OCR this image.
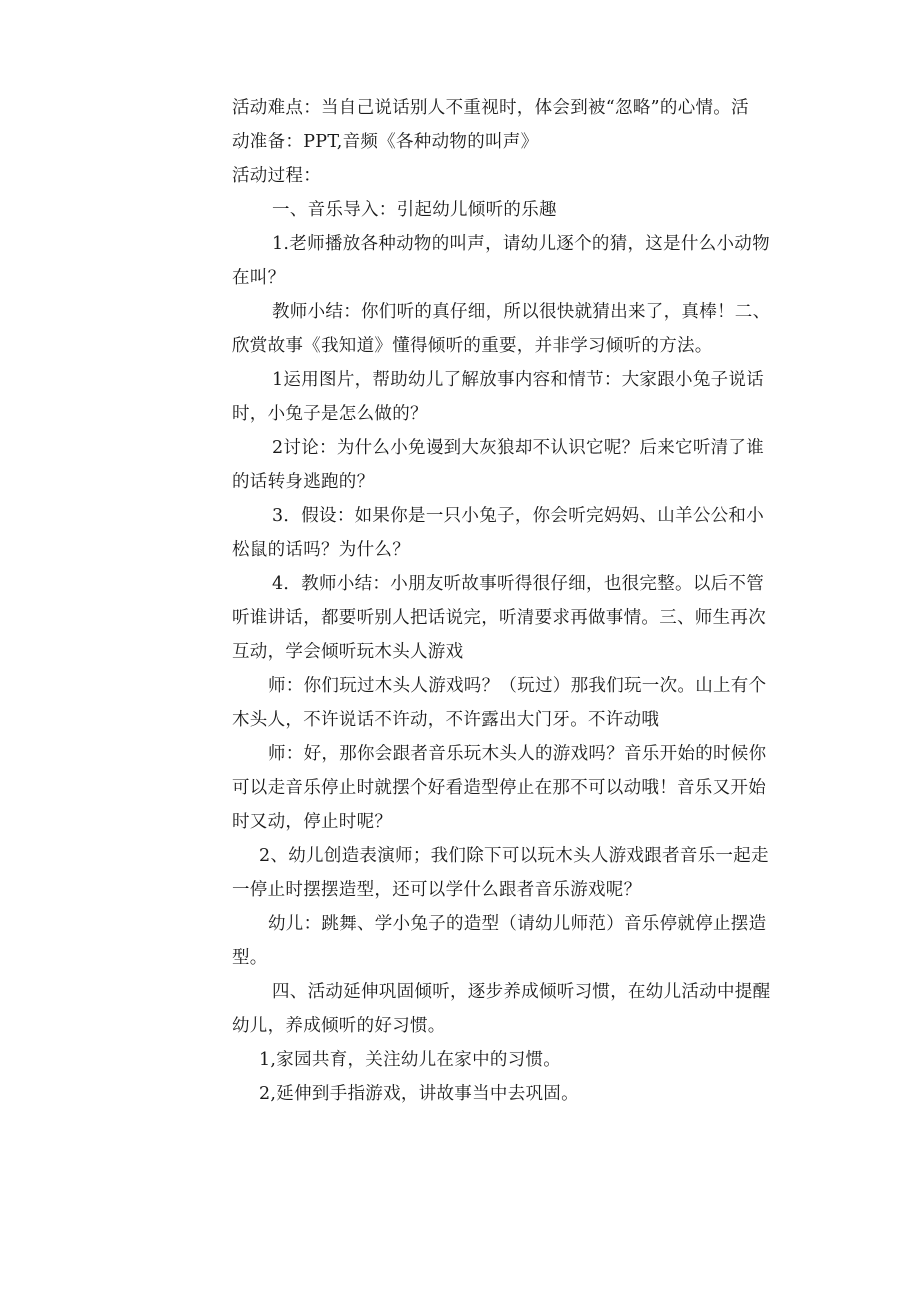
活动难点：当自己说话别人不重视时，体会到被“忽略”的心情。活
动准备：PPT,音频《各种动物的叫声》
活动过程：
一、音乐导入：引起幼儿倾听的乐趣
1.老师播放各种动物的叫声，请幼儿逐个的猜，这是什么小动物
在叫？
教师小结：你们听的真仔细，所以很快就猜出来了，真棒！二、
欣赏故事《我知道》懂得倾听的重要，并非学习倾听的方法。
1运用图片，帮助幼儿了解放事内容和情节：大家跟小兔子说话
时，小兔子是怎么做的？
2讨论：为什么小免谩到大灰狼却不认识它呢？后来它听清了谁
的话转身逃跑的？
3．假设：如果你是一只小兔子，你会听完妈妈、山羊公公和小
松鼠的话吗？为什么？
4．教师小结：小朋友听故事听得很仔细，也很完整。以后不管
听谁讲话，都要听别人把话说完，听清要求再做事情。三、师生再次
互动，学会倾听玩木头人游戏
师：你们玩过木头人游戏吗？（玩过）那我们玩一次。山上有个
木头人，不许说话不许动，不许露出大门牙。不许动哦
师：好，那你会跟者音乐玩木头人的游戏吗？音乐开始的时候你
可以走音乐停止时就摆个好看造型停止在那不可以动哦！音乐又开始
时又动，停止时呢？
2、幼儿创造表演师；我们除下可以玩木头人游戏跟者音乐一起走
一停止时摆摆造型，还可以学什么跟者音乐游戏呢？
幼儿：跳舞、学小兔子的造型（请幼儿师范）音乐停就停止摆造
型。
四、活动延伸巩固倾听，逐步养成倾听习惯，在幼儿活动中提醒
幼儿，养成倾听的好习惯。
1,家园共育，关注幼儿在家中的习惯。
2,延伸到手指游戏，讲故事当中去巩固。
